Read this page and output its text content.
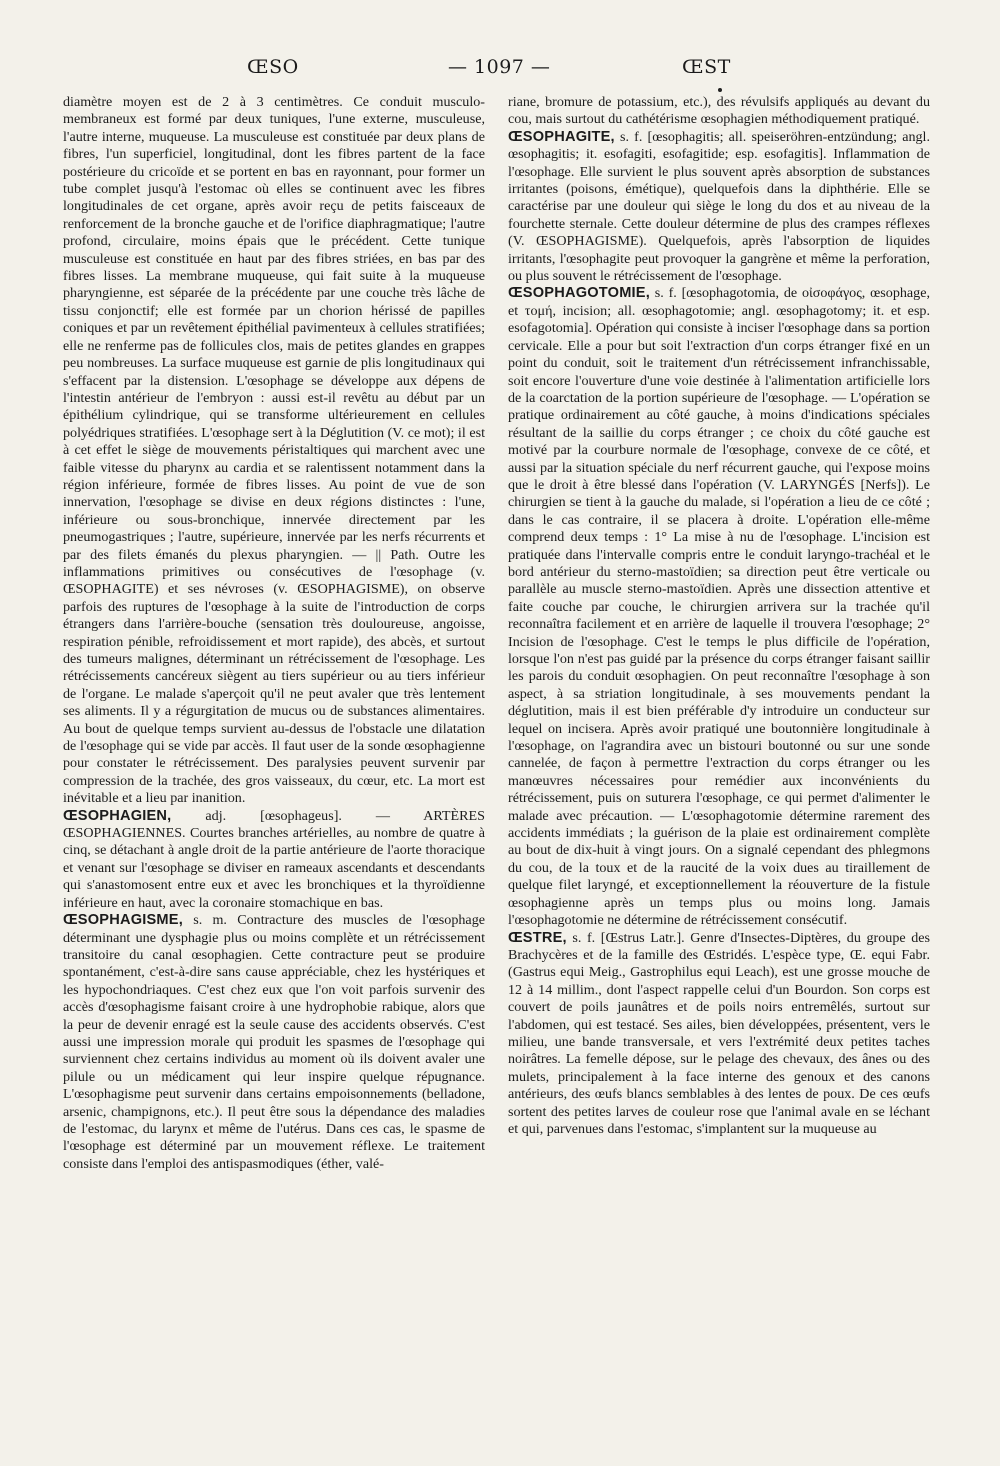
ŒSO	— 1097 —	ŒST

diamètre moyen est de 2 à 3 centimètres. Ce conduit musculo-membraneux est formé par deux tuniques, l'une externe, musculeuse, l'autre interne, muqueuse. La musculeuse est constituée par deux plans de fibres, l'un superficiel, longitudinal, dont les fibres partent de la face postérieure du cricoïde et se portent en bas en rayonnant, pour former un tube complet jusqu'à l'estomac où elles se continuent avec les fibres longitudinales de cet organe, après avoir reçu de petits faisceaux de renforcement de la bronche gauche et de l'orifice diaphragmatique; l'autre profond, circulaire, moins épais que le précédent. Cette tunique musculeuse est constituée en haut par des fibres striées, en bas par des fibres lisses. La membrane muqueuse, qui fait suite à la muqueuse pharyngienne, est séparée de la précédente par une couche très lâche de tissu conjonctif; elle est formée par un chorion hérissé de papilles coniques et par un revêtement épithélial pavimenteux à cellules stratifiées; elle ne renferme pas de follicules clos, mais de petites glandes en grappes peu nombreuses. La surface muqueuse est garnie de plis longitudinaux qui s'effacent par la distension. L'œsophage se développe aux dépens de l'intestin antérieur de l'embryon : aussi est-il revêtu au début par un épithélium cylindrique, qui se transforme ultérieurement en cellules polyédriques stratifiées. L'œsophage sert à la Déglutition (V. ce mot); il est à cet effet le siège de mouvements péristaltiques qui marchent avec une faible vitesse du pharynx au cardia et se ralentissent notamment dans la région inférieure, formée de fibres lisses. Au point de vue de son innervation, l'œsophage se divise en deux régions distinctes : l'une, inférieure ou sous-bronchique, innervée directement par les pneumogastriques ; l'autre, supérieure, innervée par les nerfs récurrents et par des filets émanés du plexus pharyngien. — || Path. Outre les inflammations primitives ou consécutives de l'œsophage (v. ŒSOPHAGITE) et ses névroses (v. ŒSOPHAGISME), on observe parfois des ruptures de l'œsophage à la suite de l'introduction de corps étrangers dans l'arrière-bouche (sensation très douloureuse, angoisse, respiration pénible, refroidissement et mort rapide), des abcès, et surtout des tumeurs malignes, déterminant un rétrécissement de l'œsophage. Les rétrécissements cancéreux siègent au tiers supérieur ou au tiers inférieur de l'organe. Le malade s'aperçoit qu'il ne peut avaler que très lentement ses aliments. Il y a régurgitation de mucus ou de substances alimentaires. Au bout de quelque temps survient au-dessus de l'obstacle une dilatation de l'œsophage qui se vide par accès. Il faut user de la sonde œsophagienne pour constater le rétrécissement. Des paralysies peuvent survenir par compression de la trachée, des gros vaisseaux, du cœur, etc. La mort est inévitable et a lieu par inanition.

ŒSOPHAGIEN, adj. [œsophageus]. — ARTÈRES ŒSOPHAGIENNES. Courtes branches artérielles, au nombre de quatre à cinq, se détachant à angle droit de la partie antérieure de l'aorte thoracique et venant sur l'œsophage se diviser en rameaux ascendants et descendants qui s'anastomosent entre eux et avec les bronchiques et la thyroïdienne inférieure en haut, avec la coronaire stomachique en bas.

ŒSOPHAGISME, s. m. Contracture des muscles de l'œsophage déterminant une dysphagie plus ou moins complète et un rétrécissement transitoire du canal œsophagien. Cette contracture peut se produire spontanément, c'est-à-dire sans cause appréciable, chez les hystériques et les hypochondriaques. C'est chez eux que l'on voit parfois survenir des accès d'œsophagisme faisant croire à une hydrophobie rabique, alors que la peur de devenir enragé est la seule cause des accidents observés. C'est aussi une impression morale qui produit les spasmes de l'œsophage qui surviennent chez certains individus au moment où ils doivent avaler une pilule ou un médicament qui leur inspire quelque répugnance. L'œsophagisme peut survenir dans certains empoisonnements (belladone, arsenic, champignons, etc.). Il peut être sous la dépendance des maladies de l'estomac, du larynx et même de l'utérus. Dans ces cas, le spasme de l'œsophage est déterminé par un mouvement réflexe. Le traitement consiste dans l'emploi des antispasmodiques (éther, valé-

riane, bromure de potassium, etc.), des révulsifs appliqués au devant du cou, mais surtout du cathétérisme œsophagien méthodiquement pratiqué.

ŒSOPHAGITE, s. f. [œsophagitis; all. speiseröhren-entzündung; angl. œsophagitis; it. esofagiti, esofagitide; esp. esofagitis]. Inflammation de l'œsophage. Elle survient le plus souvent après absorption de substances irritantes (poisons, émétique), quelquefois dans la diphthérie. Elle se caractérise par une douleur qui siège le long du dos et au niveau de la fourchette sternale. Cette douleur détermine de plus des crampes réflexes (V. ŒSOPHAGISME). Quelquefois, après l'absorption de liquides irritants, l'œsophagite peut provoquer la gangrène et même la perforation, ou plus souvent le rétrécissement de l'œsophage.

ŒSOPHAGOTOMIE, s. f. [œsophagotomia, de οἰσοφάγος, œsophage, et τομή, incision; all. œsophagotomie; angl. œsophagotomy; it. et esp. esofagotomia]. Opération qui consiste à inciser l'œsophage dans sa portion cervicale. Elle a pour but soit l'extraction d'un corps étranger fixé en un point du conduit, soit le traitement d'un rétrécissement infranchissable, soit encore l'ouverture d'une voie destinée à l'alimentation artificielle lors de la coarctation de la portion supérieure de l'œsophage. — L'opération se pratique ordinairement au côté gauche, à moins d'indications spéciales résultant de la saillie du corps étranger ; ce choix du côté gauche est motivé par la courbure normale de l'œsophage, convexe de ce côté, et aussi par la situation spéciale du nerf récurrent gauche, qui l'expose moins que le droit à être blessé dans l'opération (V. LARYNGÉS [Nerfs]). Le chirurgien se tient à la gauche du malade, si l'opération a lieu de ce côté ; dans le cas contraire, il se placera à droite. L'opération elle-même comprend deux temps : 1° La mise à nu de l'œsophage. L'incision est pratiquée dans l'intervalle compris entre le conduit laryngo-trachéal et le bord antérieur du sterno-mastoïdien; sa direction peut être verticale ou parallèle au muscle sterno-mastoïdien. Après une dissection attentive et faite couche par couche, le chirurgien arrivera sur la trachée qu'il reconnaîtra facilement et en arrière de laquelle il trouvera l'œsophage; 2° Incision de l'œsophage. C'est le temps le plus difficile de l'opération, lorsque l'on n'est pas guidé par la présence du corps étranger faisant saillir les parois du conduit œsophagien. On peut reconnaître l'œsophage à son aspect, à sa striation longitudinale, à ses mouvements pendant la déglutition, mais il est bien préférable d'y introduire un conducteur sur lequel on incisera. Après avoir pratiqué une boutonnière longitudinale à l'œsophage, on l'agrandira avec un bistouri boutonné ou sur une sonde cannelée, de façon à permettre l'extraction du corps étranger ou les manœuvres nécessaires pour remédier aux inconvénients du rétrécissement, puis on suturera l'œsophage, ce qui permet d'alimenter le malade avec précaution. — L'œsophagotomie détermine rarement des accidents immédiats ; la guérison de la plaie est ordinairement complète au bout de dix-huit à vingt jours. On a signalé cependant des phlegmons du cou, de la toux et de la raucité de la voix dues au tiraillement de quelque filet laryngé, et exceptionnellement la réouverture de la fistule œsophagienne après un temps plus ou moins long. Jamais l'œsophagotomie ne détermine de rétrécissement consécutif.

ŒSTRE, s. f. [Œstrus Latr.]. Genre d'Insectes-Diptères, du groupe des Brachycères et de la famille des Œstridés. L'espèce type, Œ. equi Fabr. (Gastrus equi Meig., Gastrophilus equi Leach), est une grosse mouche de 12 à 14 millim., dont l'aspect rappelle celui d'un Bourdon. Son corps est couvert de poils jaunâtres et de poils noirs entremêlés, surtout sur l'abdomen, qui est testacé. Ses ailes, bien développées, présentent, vers le milieu, une bande transversale, et vers l'extrémité deux petites taches noirâtres. La femelle dépose, sur le pelage des chevaux, des ânes ou des mulets, principalement à la face interne des genoux et des canons antérieurs, des œufs blancs semblables à des lentes de poux. De ces œufs sortent des petites larves de couleur rose que l'animal avale en se léchant et qui, parvenues dans l'estomac, s'implantent sur la muqueuse au
